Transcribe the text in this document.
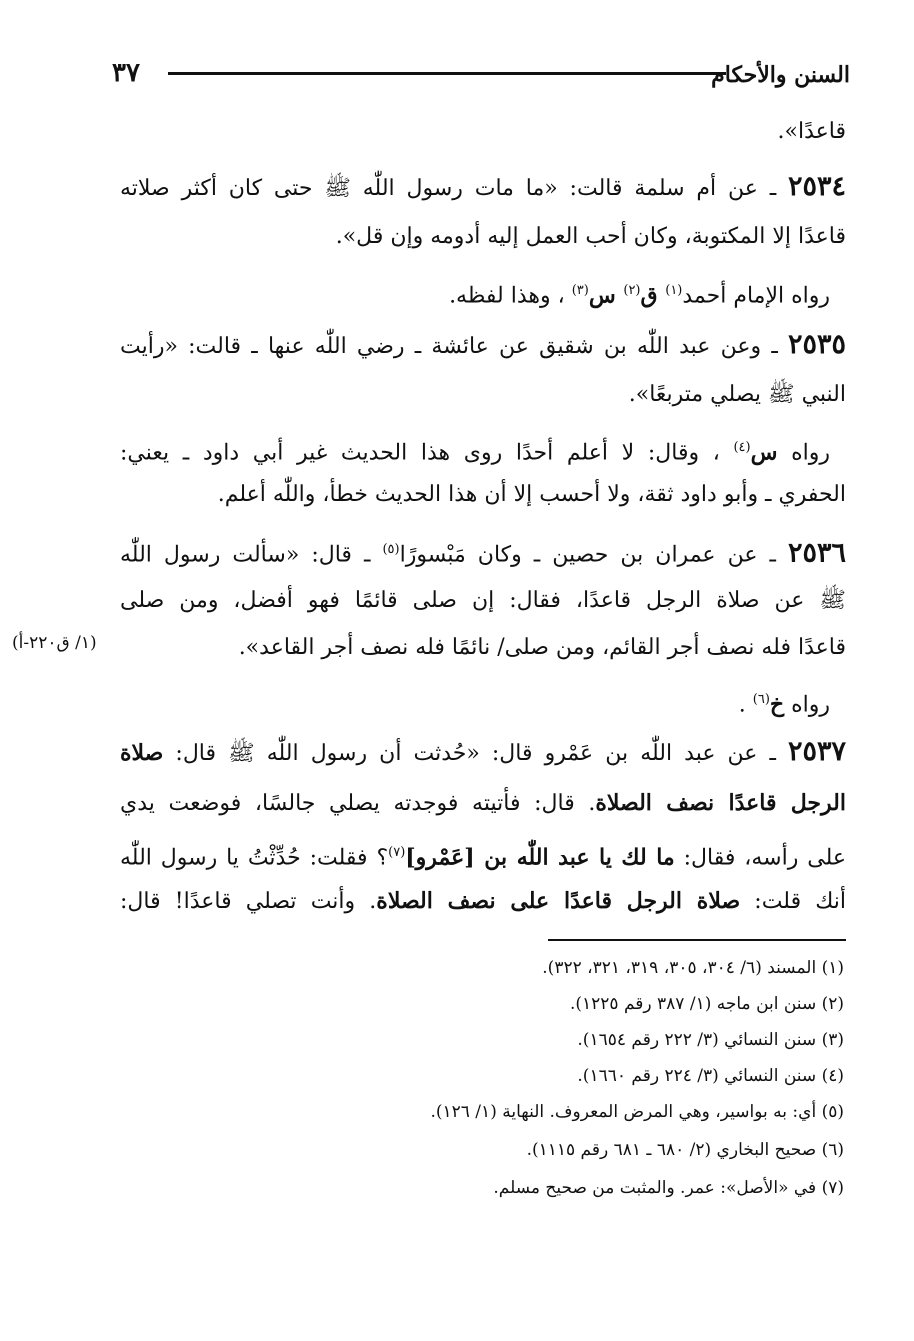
٣٧	السنن والأحكام
قاعدًا».
٢٥٣٤ ـ عن أم سلمة قالت: «ما مات رسول اللّٰه ﷺ حتى كان أكثر صلاته
قاعدًا إلا المكتوبة، وكان أحب العمل إليه أدومه وإن قل».
رواه الإمام أحمد$^{(١)}$ ق$^{(٢)}$ س$^{(٣)}$ ، وهذا لفظه.
٢٥٣٥ ـ وعن عبد اللّٰه بن شقيق عن عائشة ـ رضي اللّٰه عنها ـ قالت: «رأيت
النبي ﷺ يصلي متربعًا».
رواه س$^{(٤)}$ ، وقال: لا أعلم أحدًا روى هذا الحديث غير أبي داود ـ يعني:
الحفري ـ وأبو داود ثقة، ولا أحسب إلا أن هذا الحديث خطأ، واللّٰه أعلم.
٢٥٣٦ ـ عن عمران بن حصين ـ وكان مَبْسورًا$^{(٥)}$ ـ قال: «سألت رسول اللّٰه
ﷺ عن صلاة الرجل قاعدًا، فقال: إن صلى قائمًا فهو أفضل، ومن صلى
قاعدًا فله نصف أجر القائم، ومن صلى/ نائمًا فله نصف أجر القاعد».
(١/ ق٢٢٠-أ)
رواه خ$^{(٦)}$ .
٢٥٣٧ ـ عن عبد اللّٰه بن عَمْرو قال: «حُدثت أن رسول اللّٰه ﷺ قال: صلاة
الرجل قاعدًا نصف الصلاة. قال: فأتيته فوجدته يصلي جالسًا، فوضعت يدي
على رأسه، فقال: ما لك يا عبد اللّٰه بن [عَمْرو]$^{(٧)}$؟ فقلت: حُدِّثْتُ يا رسول اللّٰه
أنك قلت: صلاة الرجل قاعدًا على نصف الصلاة. وأنت تصلي قاعدًا! قال:
(١) المسند (٦/ ٣٠٤، ٣٠٥، ٣١٩، ٣٢١، ٣٢٢).
(٢) سنن ابن ماجه (١/ ٣٨٧ رقم ١٢٢٥).
(٣) سنن النسائي (٣/ ٢٢٢ رقم ١٦٥٤).
(٤) سنن النسائي (٣/ ٢٢٤ رقم ١٦٦٠).
(٥) أي: به بواسير، وهي المرض المعروف. النهاية (١/ ١٢٦).
(٦) صحيح البخاري (٢/ ٦٨٠ ـ ٦٨١ رقم ١١١٥).
(٧) في «الأصل»: عمر. والمثبت من صحيح مسلم.
